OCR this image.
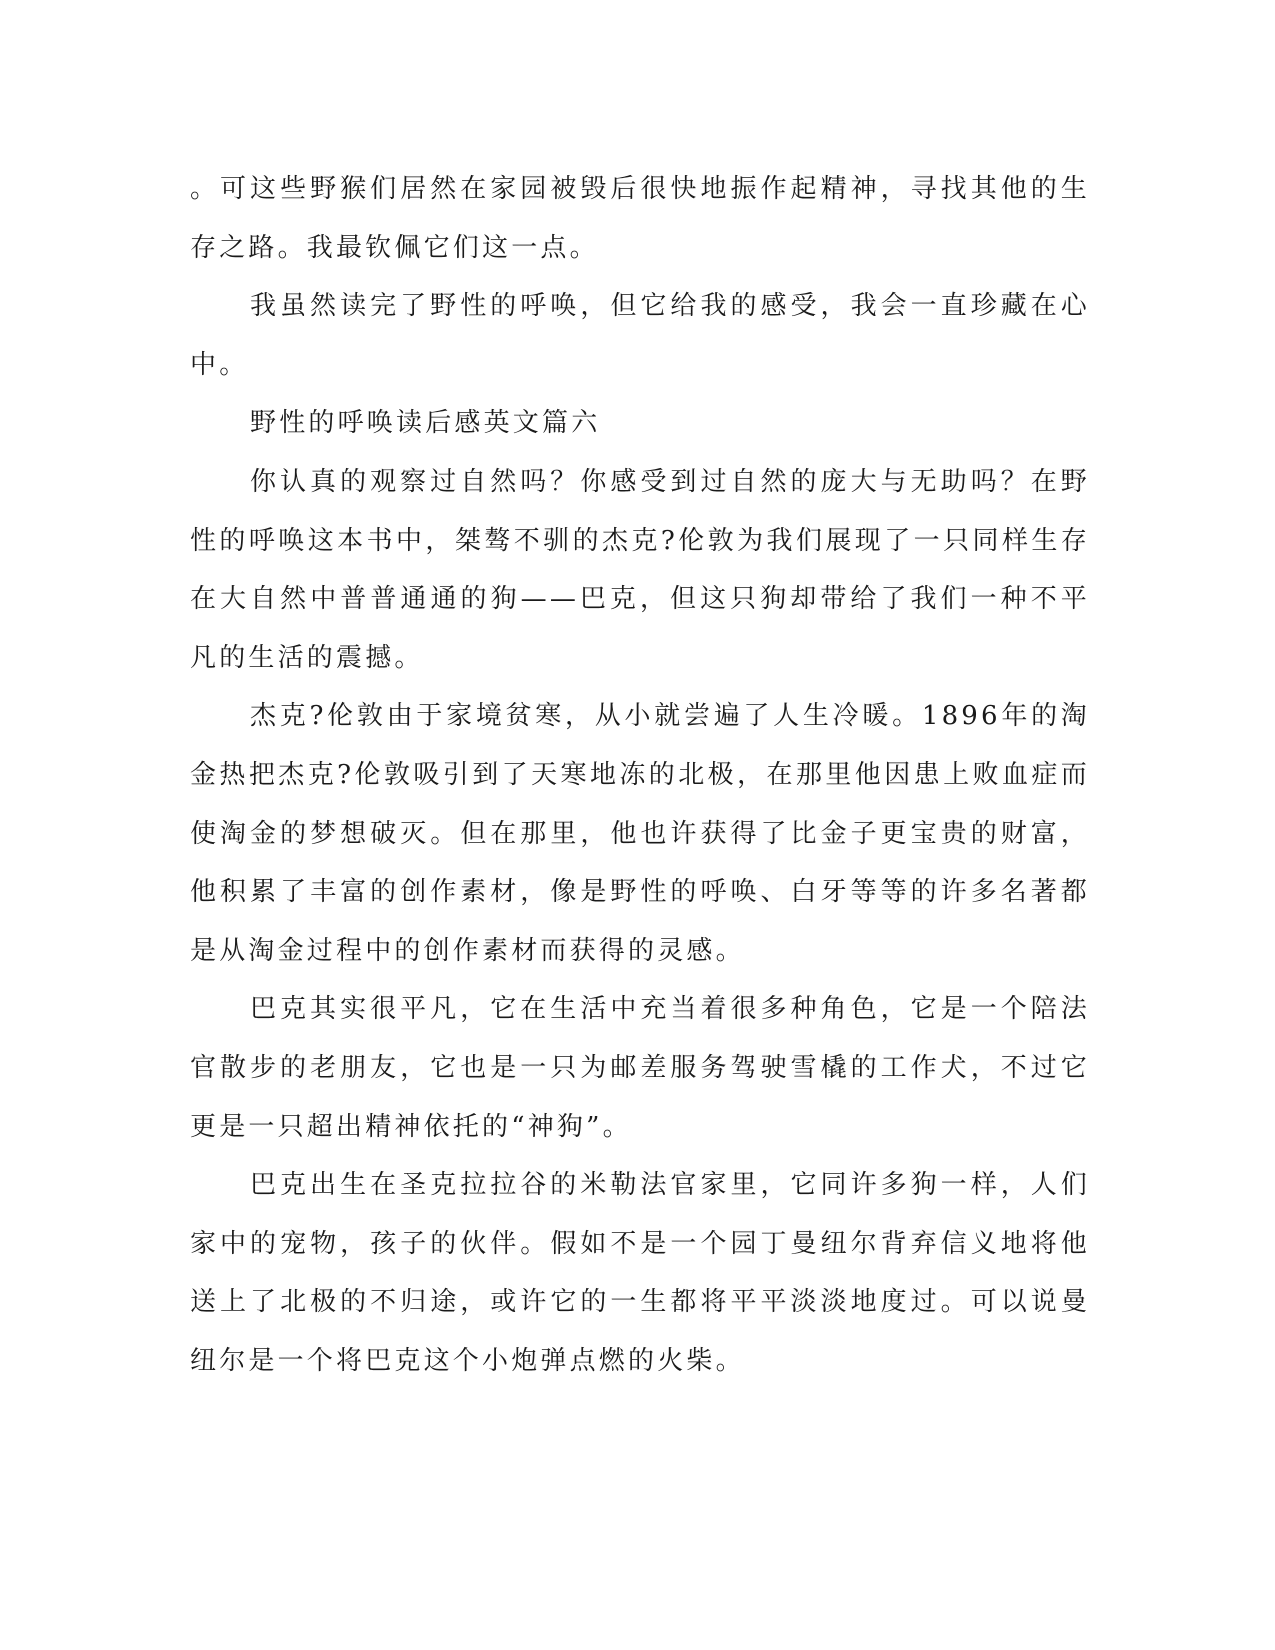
。可这些野猴们居然在家园被毁后很快地振作起精神，寻找其他的生存之路。我最钦佩它们这一点。

我虽然读完了野性的呼唤，但它给我的感受，我会一直珍藏在心中。

野性的呼唤读后感英文篇六

你认真的观察过自然吗？你感受到过自然的庞大与无助吗？在野性的呼唤这本书中，桀骜不驯的杰克?伦敦为我们展现了一只同样生存在大自然中普普通通的狗——巴克，但这只狗却带给了我们一种不平凡的生活的震撼。

杰克?伦敦由于家境贫寒，从小就尝遍了人生冷暖。1896年的淘金热把杰克?伦敦吸引到了天寒地冻的北极，在那里他因患上败血症而使淘金的梦想破灭。但在那里，他也许获得了比金子更宝贵的财富，他积累了丰富的创作素材，像是野性的呼唤、白牙等等的许多名著都是从淘金过程中的创作素材而获得的灵感。

巴克其实很平凡，它在生活中充当着很多种角色，它是一个陪法官散步的老朋友，它也是一只为邮差服务驾驶雪橇的工作犬，不过它更是一只超出精神依托的“神狗”。

巴克出生在圣克拉拉谷的米勒法官家里，它同许多狗一样，人们家中的宠物，孩子的伙伴。假如不是一个园丁曼纽尔背弃信义地将他送上了北极的不归途，或许它的一生都将平平淡淡地度过。可以说曼纽尔是一个将巴克这个小炮弹点燃的火柴。
